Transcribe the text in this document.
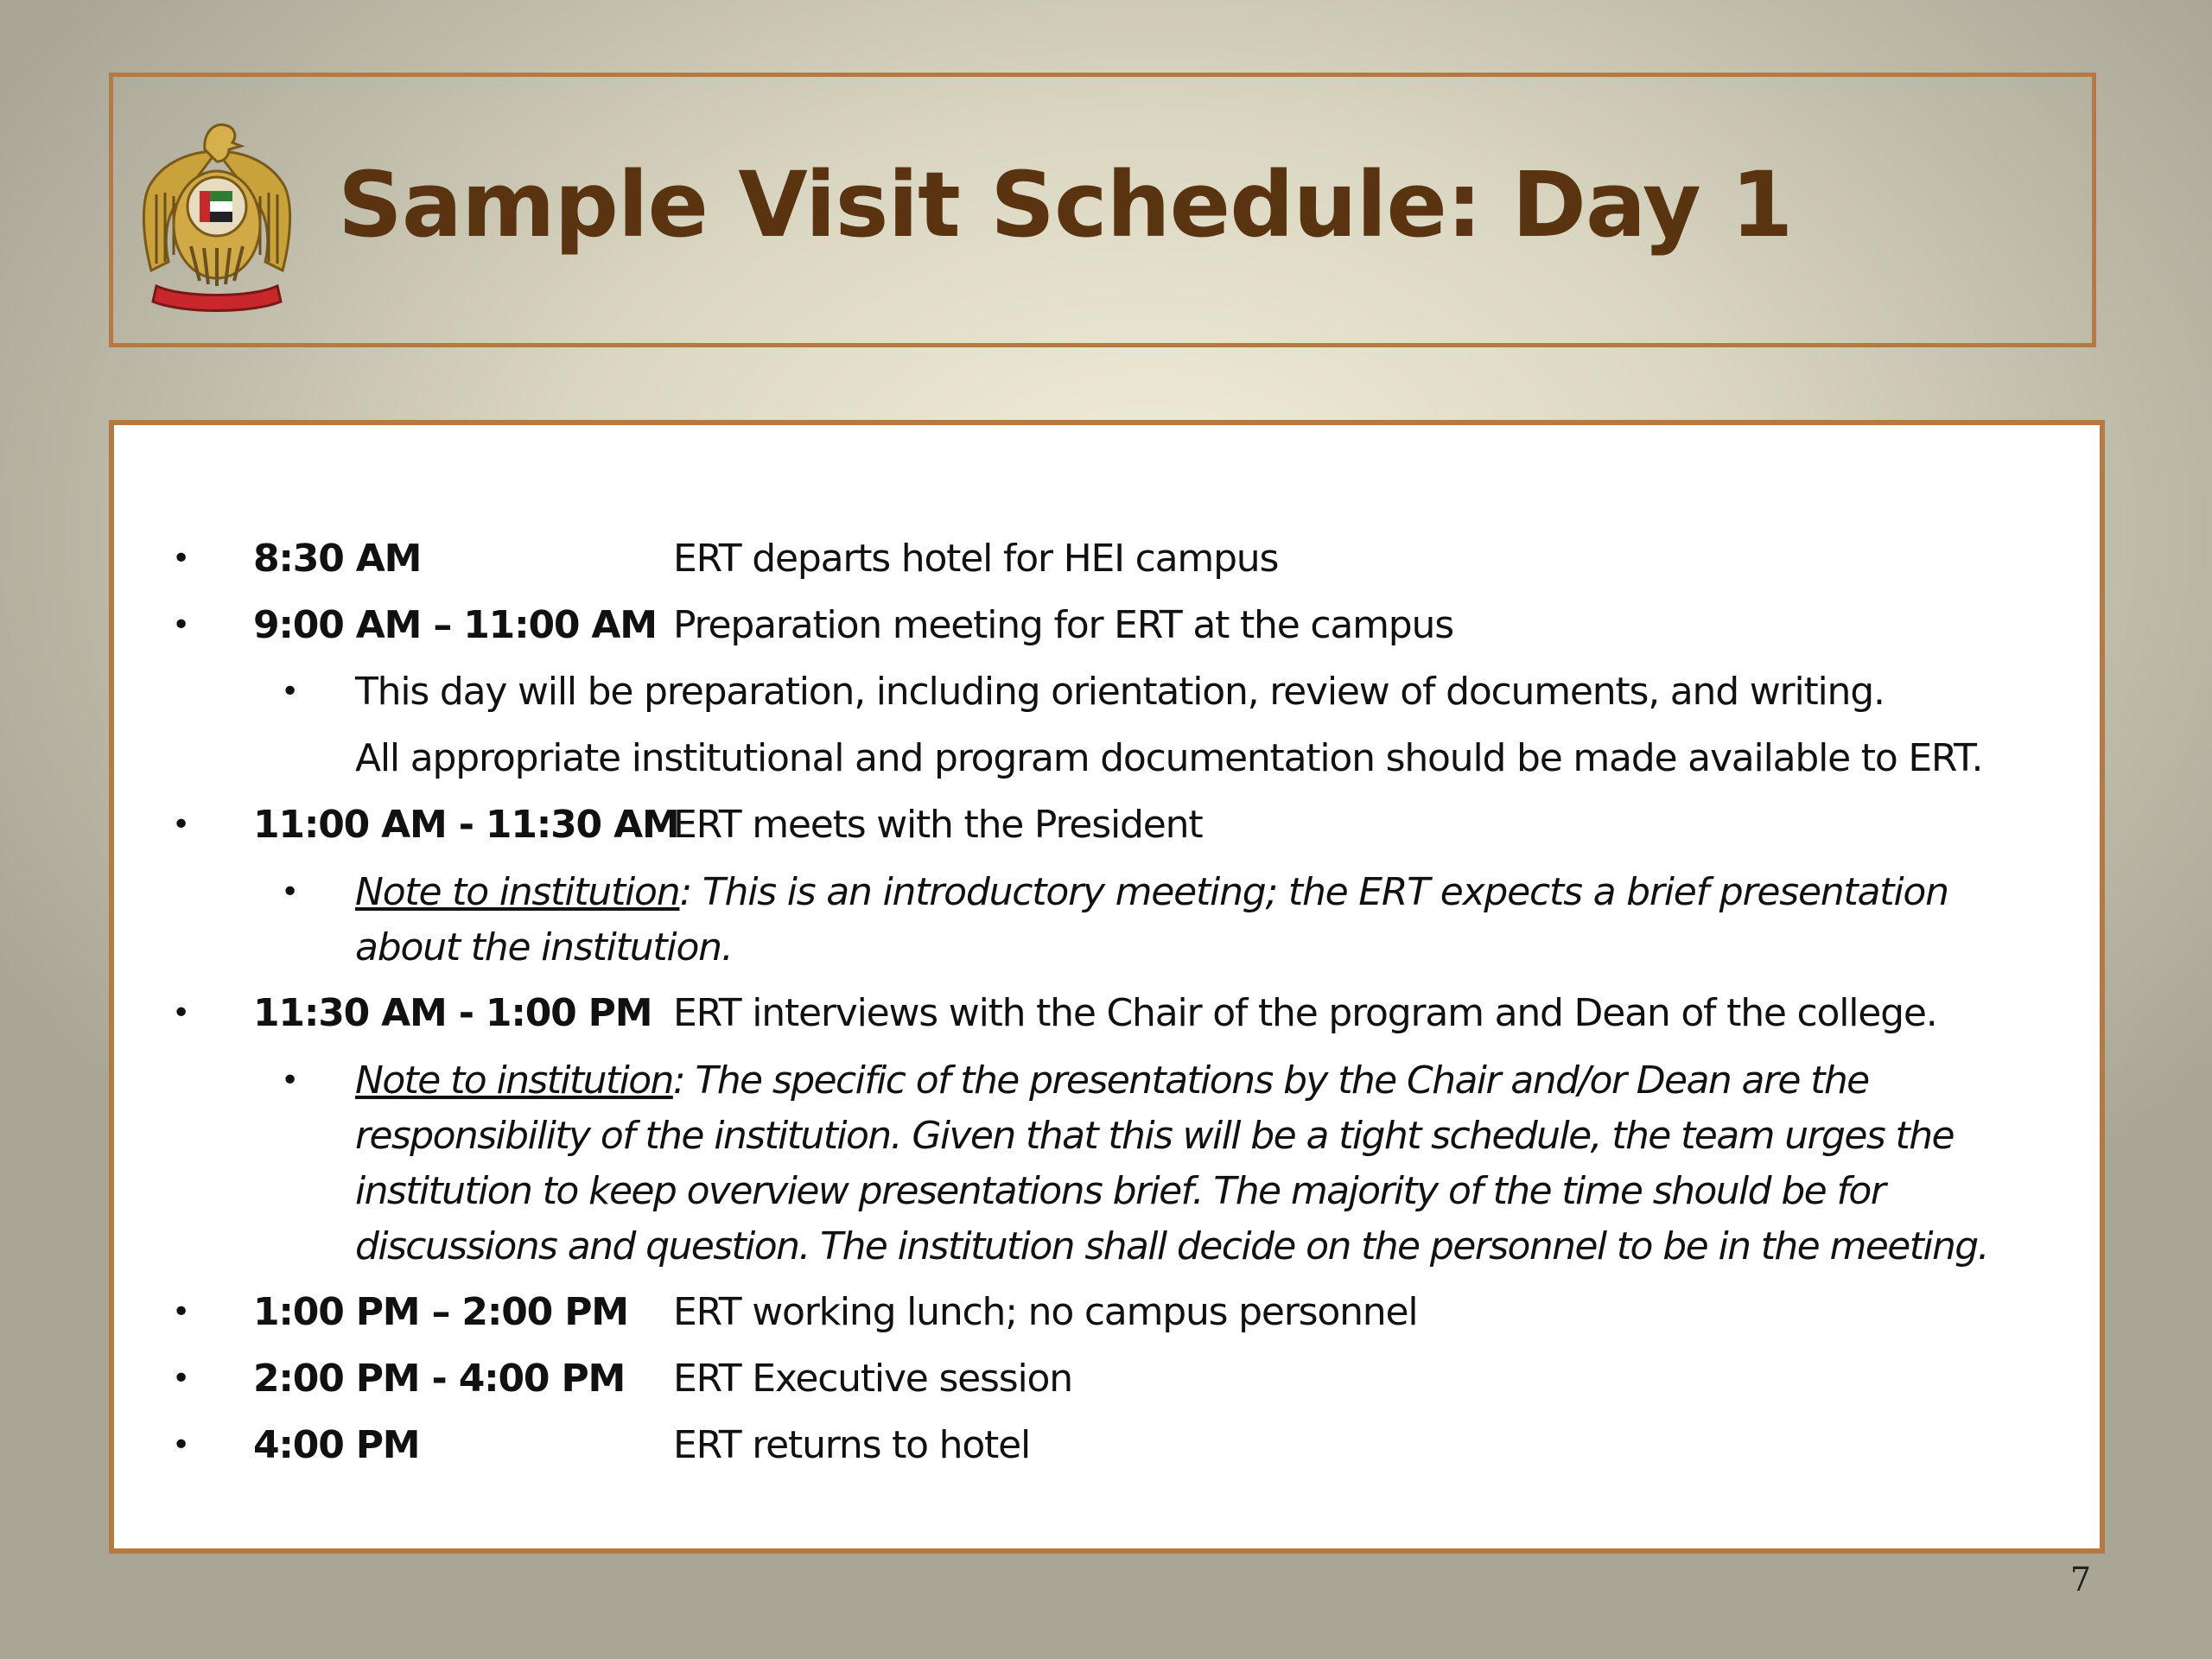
Sample Visit Schedule: Day 1
• 8:30 AM	ERT departs hotel for HEI campus
• 9:00 AM – 11:00 AM Preparation meeting for ERT at the campus
• This day will be preparation, including orientation, review of documents, and writing.
All appropriate institutional and program documentation should be made available to ERT.
• 11:00 AM - 11:30 AM
ERT meets with the President
• Note to institution: This is an introductory meeting; the ERT expects a brief presentation about the institution.
• 11:30 AM - 1:00 PM ERT interviews with the Chair of the program and Dean of the college.
• Note to institution: The specific of the presentations by the Chair and/or Dean are the responsibility of the institution. Given that this will be a tight schedule, the team urges the institution to keep overview presentations brief. The majority of the time should be for discussions and question. The institution shall decide on the personnel to be in the meeting.
• 1:00 PM – 2:00 PM ERT working lunch; no campus personnel
• 2:00 PM - 4:00 PM ERT Executive session
• 4:00 PM	ERT returns to hotel
7
